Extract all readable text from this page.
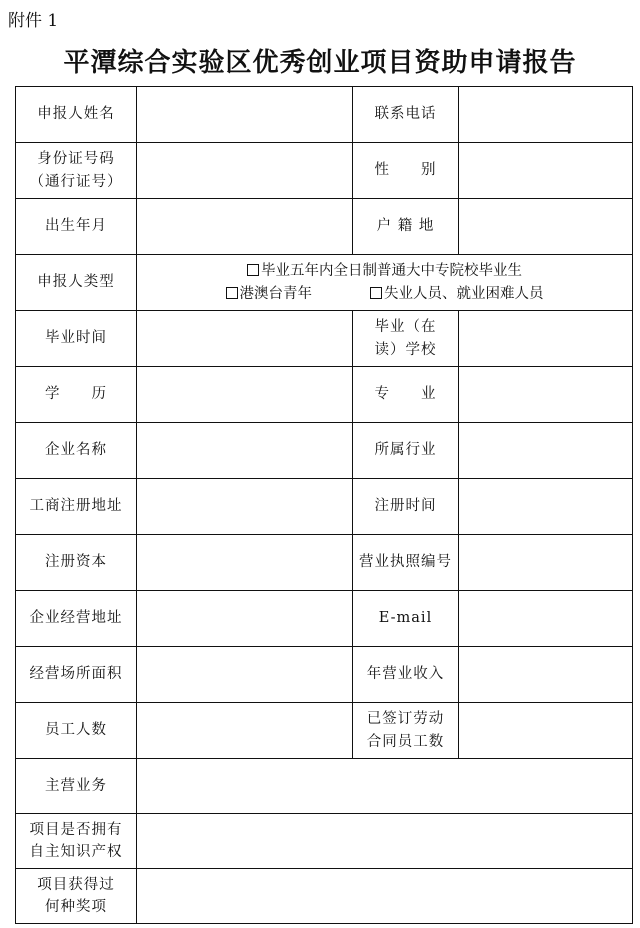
附件 1
平潭综合实验区优秀创业项目资助申请报告
申报人姓名		联系电话	

身份证号码
（通行证号）		性　　别	
出生年月		户 籍 地	
申报人类型	毕业五年内全日制普通大中专院校毕业生
港澳台青年 失业人员、就业困难人员		

毕业时间		毕业（在
读）学校	

学　　历		专　　业	
企业名称		所属行业	
工商注册地址		注册时间	
注册资本		营业执照编号	
企业经营地址		E-mail	
经营场所面积		年营业收入	
员工人数		已签订劳动
合同员工数	

主营业务			

项目是否拥有
自主知识产权			

项目获得过
何种奖项			
